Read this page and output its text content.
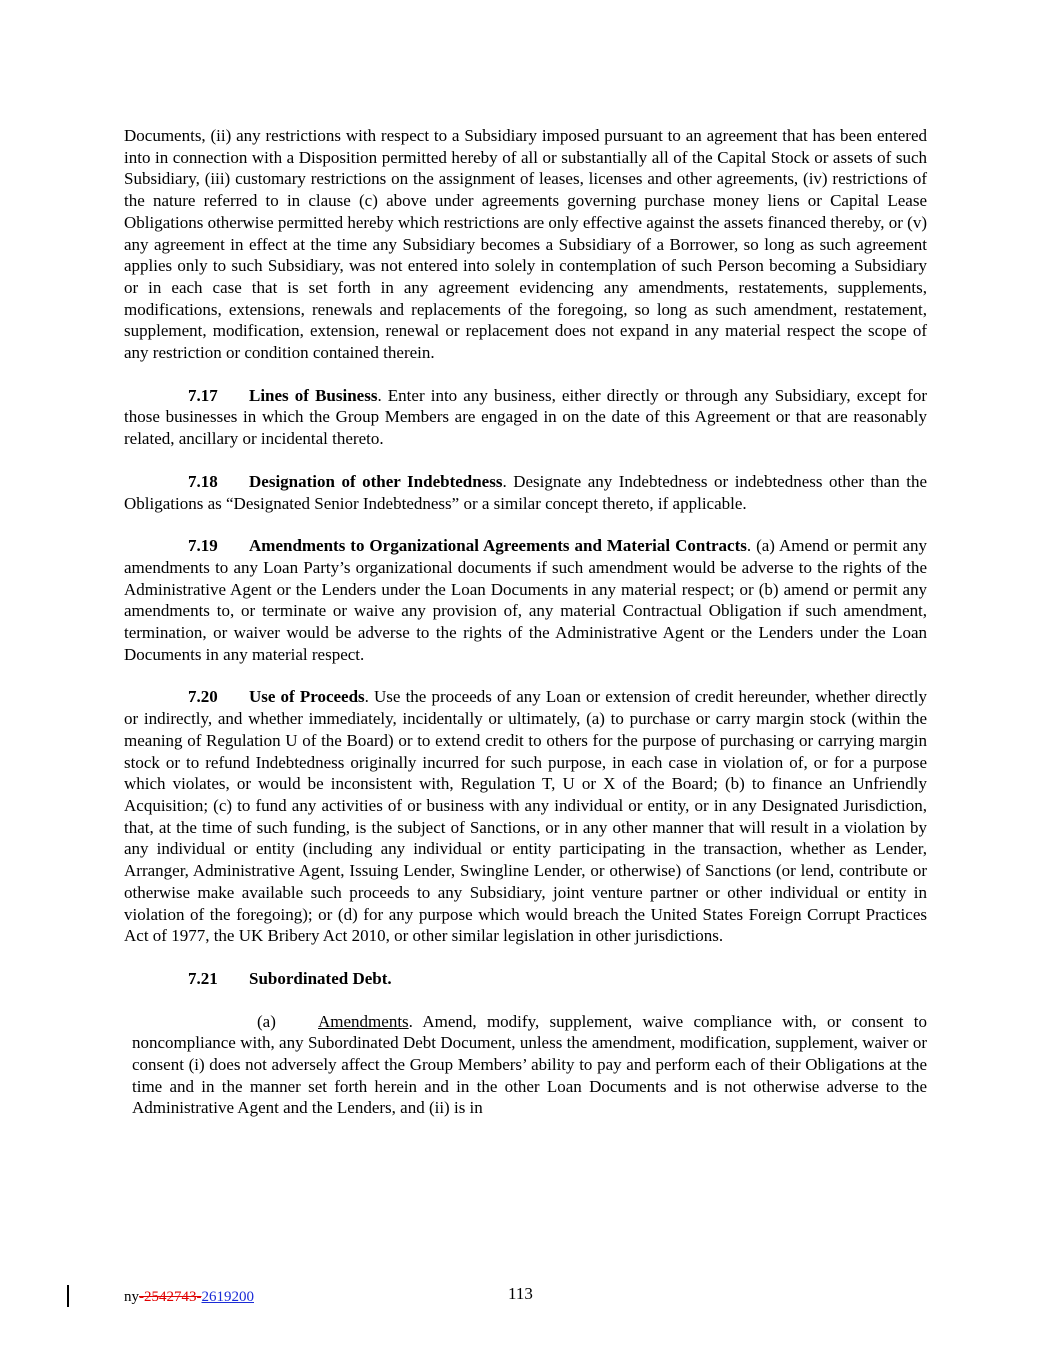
Documents, (ii) any restrictions with respect to a Subsidiary imposed pursuant to an agreement that has been entered into in connection with a Disposition permitted hereby of all or substantially all of the Capital Stock or assets of such Subsidiary, (iii) customary restrictions on the assignment of leases, licenses and other agreements, (iv) restrictions of the nature referred to in clause (c) above under agreements governing purchase money liens or Capital Lease Obligations otherwise permitted hereby which restrictions are only effective against the assets financed thereby, or (v) any agreement in effect at the time any Subsidiary becomes a Subsidiary of a Borrower, so long as such agreement applies only to such Subsidiary, was not entered into solely in contemplation of such Person becoming a Subsidiary or in each case that is set forth in any agreement evidencing any amendments, restatements, supplements, modifications, extensions, renewals and replacements of the foregoing, so long as such amendment, restatement, supplement, modification, extension, renewal or replacement does not expand in any material respect the scope of any restriction or condition contained therein.

7.17 Lines of Business. Enter into any business, either directly or through any Subsidiary, except for those businesses in which the Group Members are engaged in on the date of this Agreement or that are reasonably related, ancillary or incidental thereto.

7.18 Designation of other Indebtedness. Designate any Indebtedness or indebtedness other than the Obligations as “Designated Senior Indebtedness” or a similar concept thereto, if applicable.

7.19 Amendments to Organizational Agreements and Material Contracts. (a) Amend or permit any amendments to any Loan Party’s organizational documents if such amendment would be adverse to the rights of the Administrative Agent or the Lenders under the Loan Documents in any material respect; or (b) amend or permit any amendments to, or terminate or waive any provision of, any material Contractual Obligation if such amendment, termination, or waiver would be adverse to the rights of the Administrative Agent or the Lenders under the Loan Documents in any material respect.

7.20 Use of Proceeds. Use the proceeds of any Loan or extension of credit hereunder, whether directly or indirectly, and whether immediately, incidentally or ultimately, (a) to purchase or carry margin stock (within the meaning of Regulation U of the Board) or to extend credit to others for the purpose of purchasing or carrying margin stock or to refund Indebtedness originally incurred for such purpose, in each case in violation of, or for a purpose which violates, or would be inconsistent with, Regulation T, U or X of the Board; (b) to finance an Unfriendly Acquisition; (c) to fund any activities of or business with any individual or entity, or in any Designated Jurisdiction, that, at the time of such funding, is the subject of Sanctions, or in any other manner that will result in a violation by any individual or entity (including any individual or entity participating in the transaction, whether as Lender, Arranger, Administrative Agent, Issuing Lender, Swingline Lender, or otherwise) of Sanctions (or lend, contribute or otherwise make available such proceeds to any Subsidiary, joint venture partner or other individual or entity in violation of the foregoing); or (d) for any purpose which would breach the United States Foreign Corrupt Practices Act of 1977, the UK Bribery Act 2010, or other similar legislation in other jurisdictions.

7.21 Subordinated Debt.

(a) Amendments. Amend, modify, supplement, waive compliance with, or consent to noncompliance with, any Subordinated Debt Document, unless the amendment, modification, supplement, waiver or consent (i) does not adversely affect the Group Members’ ability to pay and perform each of their Obligations at the time and in the manner set forth herein and in the other Loan Documents and is not otherwise adverse to the Administrative Agent and the Lenders, and (ii) is in

ny-2542743-2619200	113
